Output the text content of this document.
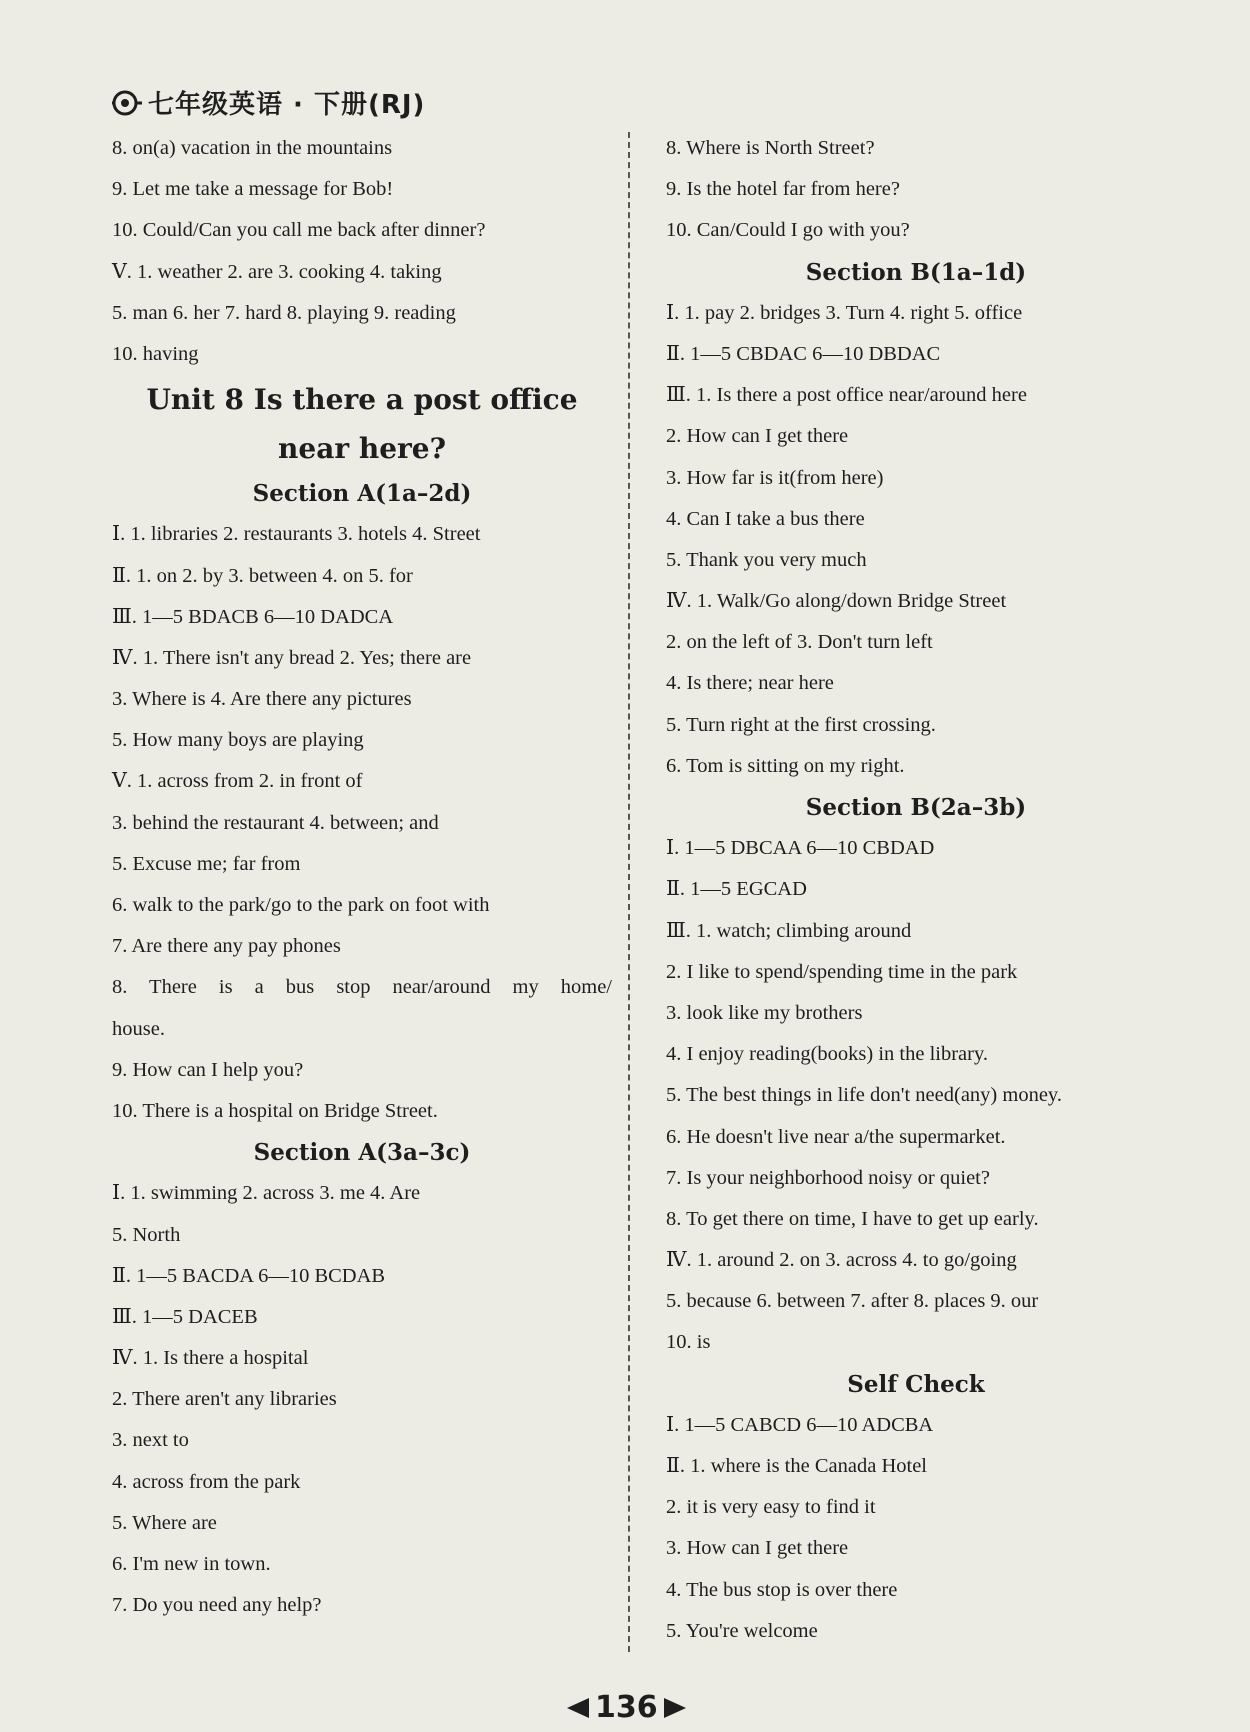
七年级英语 · 下册(RJ)
8. on(a) vacation in the mountains
9. Let me take a message for Bob!
10. Could/Can you call me back after dinner?
Ⅴ. 1. weather 2. are 3. cooking 4. taking
5. man 6. her 7. hard 8. playing 9. reading
10. having
Unit 8 Is there a post office near here?
Section A(1a–2d)
Ⅰ. 1. libraries 2. restaurants 3. hotels 4. Street
Ⅱ. 1. on 2. by 3. between 4. on 5. for
Ⅲ. 1—5 BDACB 6—10 DADCA
Ⅳ. 1. There isn't any bread 2. Yes; there are
3. Where is 4. Are there any pictures
5. How many boys are playing
Ⅴ. 1. across from 2. in front of
3. behind the restaurant 4. between; and
5. Excuse me; far from
6. walk to the park/go to the park on foot with
7. Are there any pay phones
8. There is a bus stop near/around my home/
house.
9. How can I help you?
10. There is a hospital on Bridge Street.
Section A(3a–3c)
Ⅰ. 1. swimming 2. across 3. me 4. Are
5. North
Ⅱ. 1—5 BACDA 6—10 BCDAB
Ⅲ. 1—5 DACEB
Ⅳ. 1. Is there a hospital
2. There aren't any libraries
3. next to
4. across from the park
5. Where are
6. I'm new in town.
7. Do you need any help?
8. Where is North Street?
9. Is the hotel far from here?
10. Can/Could I go with you?
Section B(1a–1d)
Ⅰ. 1. pay 2. bridges 3. Turn 4. right 5. office
Ⅱ. 1—5 CBDAC 6—10 DBDAC
Ⅲ. 1. Is there a post office near/around here
2. How can I get there
3. How far is it(from here)
4. Can I take a bus there
5. Thank you very much
Ⅳ. 1. Walk/Go along/down Bridge Street
2. on the left of 3. Don't turn left
4. Is there; near here
5. Turn right at the first crossing.
6. Tom is sitting on my right.
Section B(2a–3b)
Ⅰ. 1—5 DBCAA 6—10 CBDAD
Ⅱ. 1—5 EGCAD
Ⅲ. 1. watch; climbing around
2. I like to spend/spending time in the park
3. look like my brothers
4. I enjoy reading(books) in the library.
5. The best things in life don't need(any) money.
6. He doesn't live near a/the supermarket.
7. Is your neighborhood noisy or quiet?
8. To get there on time, I have to get up early.
Ⅳ. 1. around 2. on 3. across 4. to go/going
5. because 6. between 7. after 8. places 9. our
10. is
Self Check
Ⅰ. 1—5 CABCD 6—10 ADCBA
Ⅱ. 1. where is the Canada Hotel
2. it is very easy to find it
3. How can I get there
4. The bus stop is over there
5. You're welcome
136
